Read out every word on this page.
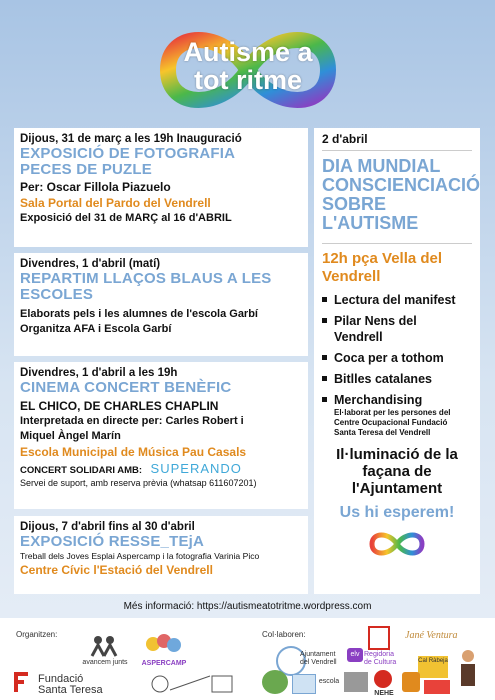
Autisme a
tot ritme
Dijous, 31 de març a les 19h Inauguració
EXPOSICIÓ DE FOTOGRAFIA
PECES DE PUZLE
Per: Oscar Fillola Piazuelo
Sala Portal del Pardo del Vendrell
Exposició del 31 de MARÇ al 16 d'ABRIL
Divendres, 1 d'abril (matí)
REPARTIM LLAÇOS BLAUS A LES
ESCOLES
Elaborats pels i les alumnes de l'escola Garbí
Organitza AFA i Escola Garbí
Divendres, 1 d'abril a les 19h
CINEMA CONCERT BENÈFIC
EL CHICO, DE CHARLES CHAPLIN
Interpretada en directe per: Carles Robert i
Miquel Àngel Marín
Escola Municipal de Música Pau Casals
CONCERT SOLIDARI AMB: SUPERANDO
Servei de suport, amb reserva prèvia (whatsap 611607201)
Dijous, 7 d'abril fins al 30 d'abril
EXPOSICIÓ RESSE_TEjA
Treball dels Joves Esplai Aspercamp i la fotografia Varinia Pico
Centre Cívic l'Estació del Vendrell
2 d'abril
DIA MUNDIAL
CONSCIENCIACIÓ
SOBRE
L'AUTISME
12h pça Vella del
Vendrell
Lectura del manifest
Pilar Nens del
Vendrell
Coca per a tothom
Bitlles catalanes
Merchandising
El·laborat per les persones del
Centre Ocupacional Fundació
Santa Teresa del Vendrell
Il·luminació de la
façana de
l'Ajuntament
Us hi esperem!
Més informació: https://autismeatotritme.wordpress.com
Organitzen:	Col·laboren:
Fundació
Santa Teresa
avancem junts	ASPERCAMP
Ajuntament
del Vendrell
elv Regidoria
de Cultura
Jané Ventura
Cal Ràbeja
escola
NEHE
